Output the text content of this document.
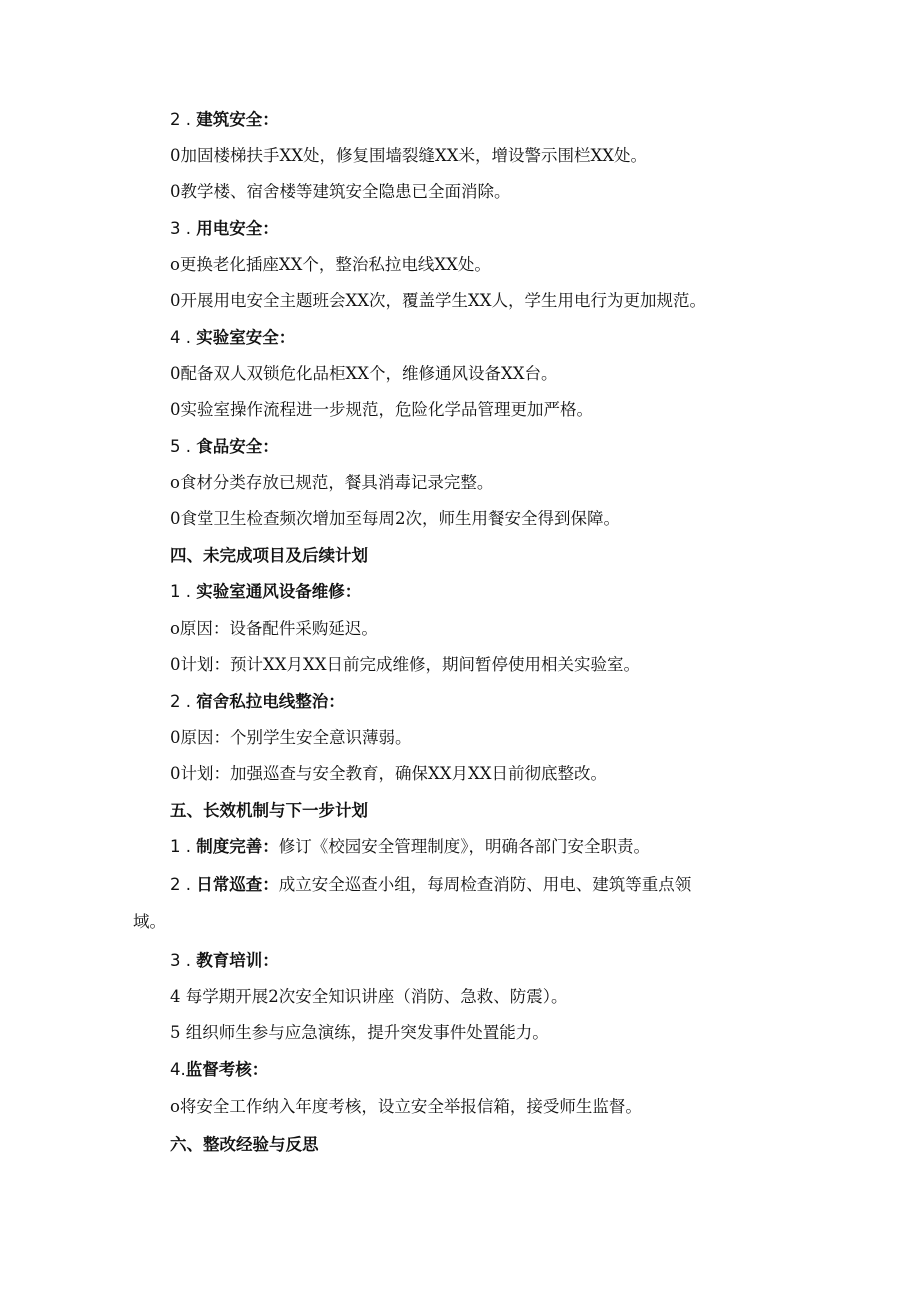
2 . 建筑安全：
0加固楼梯扶手XX处，修复围墙裂缝XX米，增设警示围栏XX处。
0教学楼、宿舍楼等建筑安全隐患已全面消除。
3 . 用电安全：
o更换老化插座XX个，整治私拉电线XX处。
0开展用电安全主题班会XX次，覆盖学生XX人，学生用电行为更加规范。
4 . 实验室安全：
0配备双人双锁危化品柜XX个，维修通风设备XX台。
0实验室操作流程进一步规范，危险化学品管理更加严格。
5 . 食品安全：
o食材分类存放已规范，餐具消毒记录完整。
0食堂卫生检查频次增加至每周2次，师生用餐安全得到保障。
四、未完成项目及后续计划
1 . 实验室通风设备维修：
o原因：设备配件采购延迟。
0计划：预计XX月XX日前完成维修，期间暂停使用相关实验室。
2 . 宿舍私拉电线整治：
0原因：个别学生安全意识薄弱。
0计划：加强巡查与安全教育，确保XX月XX日前彻底整改。
五、长效机制与下一步计划
1 . 制度完善：修订《校园安全管理制度》，明确各部门安全职责。
2 . 日常巡查：成立安全巡查小组，每周检查消防、用电、建筑等重点领
域。
3 . 教育培训：
4 每学期开展2次安全知识讲座（消防、急救、防震）。
5 组织师生参与应急演练，提升突发事件处置能力。
4.监督考核：
o将安全工作纳入年度考核，设立安全举报信箱，接受师生监督。
六、整改经验与反思
